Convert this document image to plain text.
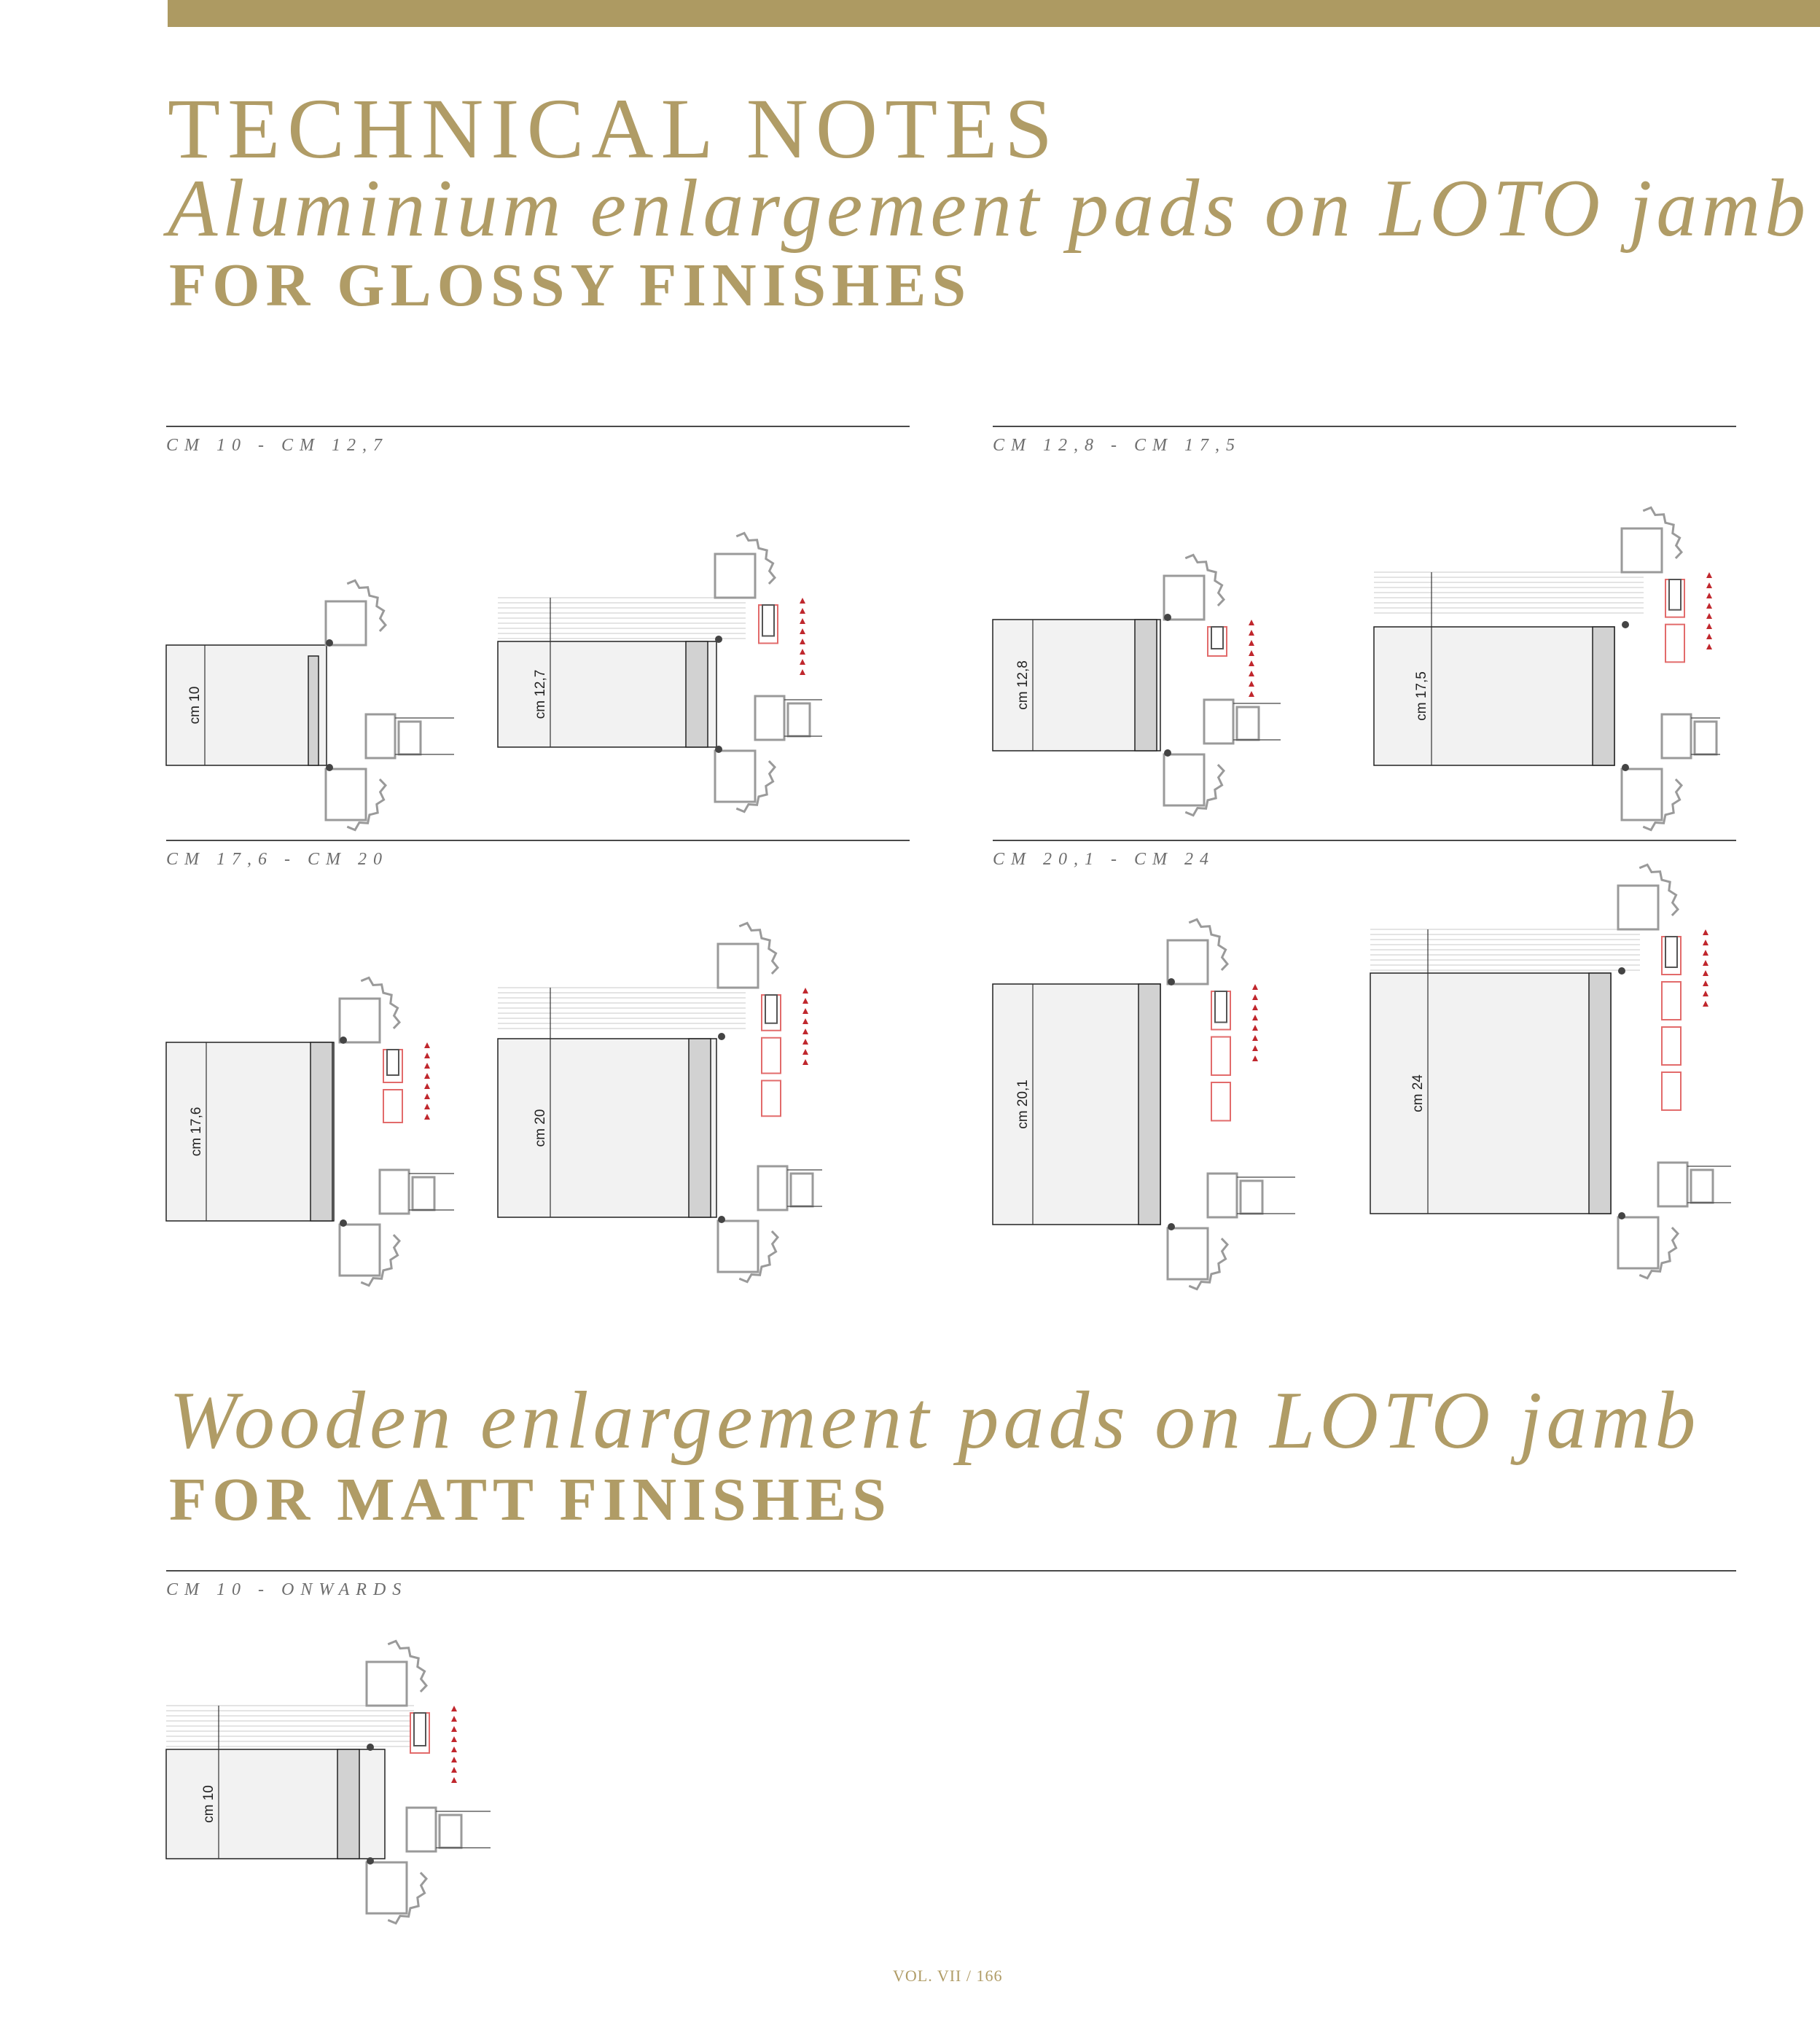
TECHNICAL NOTES
Aluminium enlargement pads on LOTO jamb
FOR GLOSSY FINISHES
CM 10 - CM 12,7	CM 12,8 - CM 17,5
CM 17,6 - CM 20	CM 20,1 - CM 24
Wooden enlargement pads on LOTO jamb
FOR MATT FINISHES
CM 10 - ONWARDS
cm 10	cm 12,7	cm 12,8	cm 17,5
cm 17,6	cm 20	cm 20,1	cm 24
cm 10
VOL. VII / 166
